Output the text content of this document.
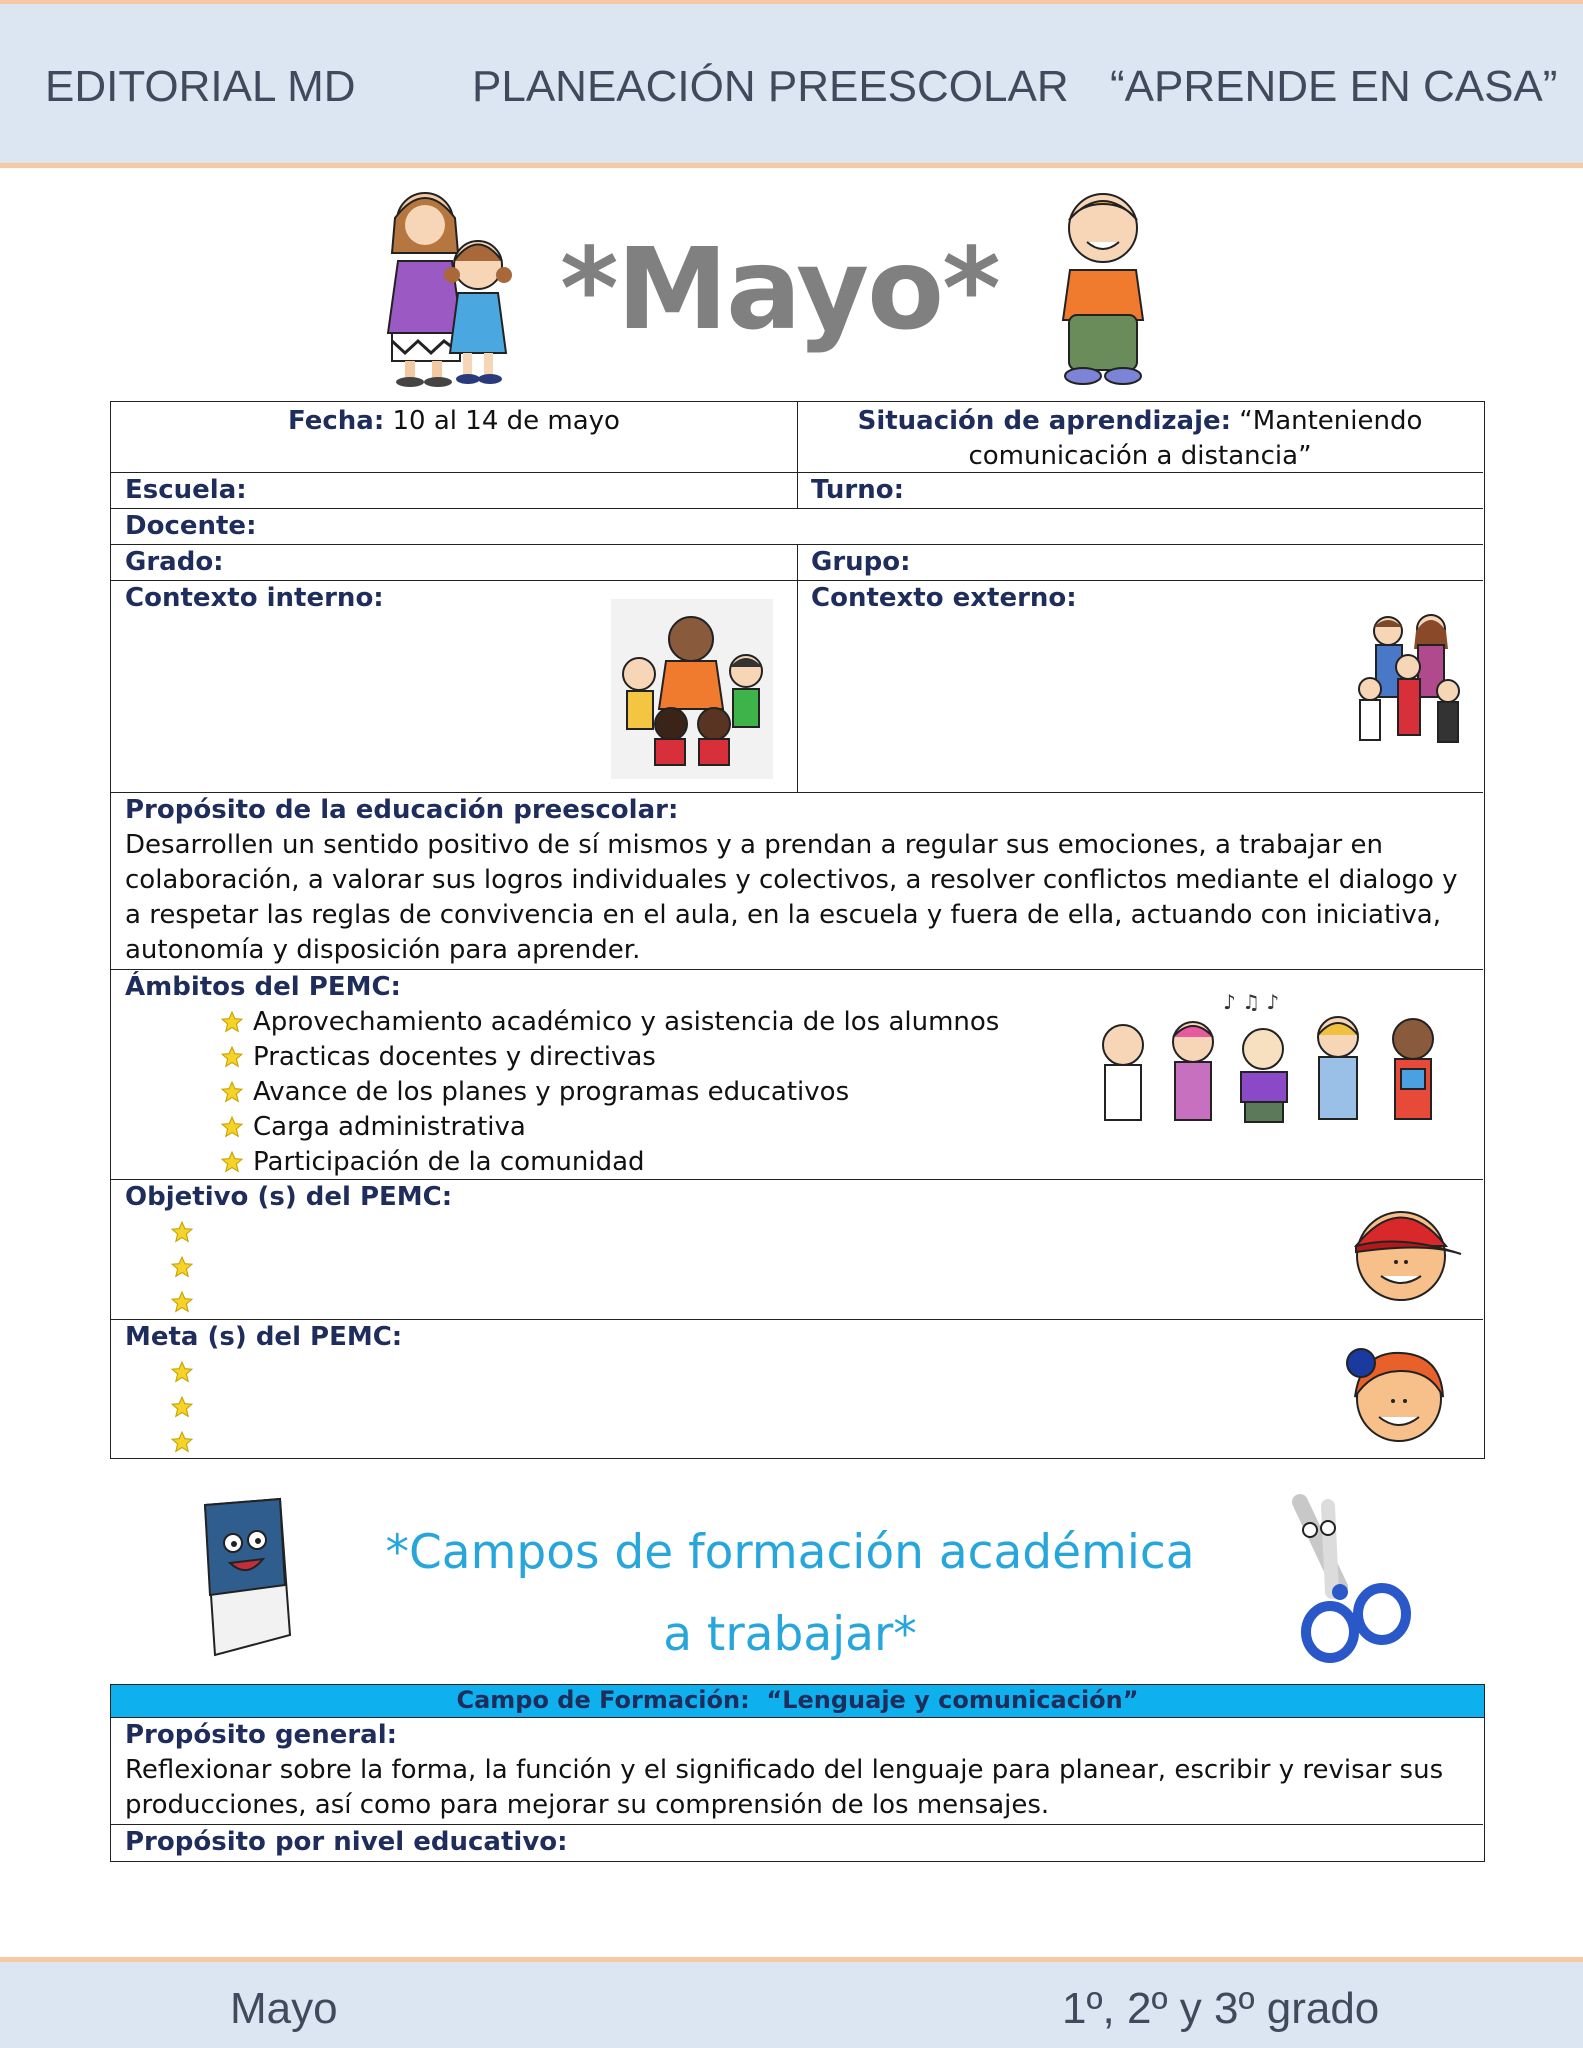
EDITORIAL MD	PLANEACIÓN PREESCOLAR “APRENDE EN CASA”
*Mayo*
Fecha: 10 al 14 de mayo	Situación de aprendizaje: “Manteniendo
comunicación a distancia”
Escuela:	Turno:
Docente:
Grado:	Grupo:
Contexto interno:	Contexto externo:
Propósito de la educación preescolar:
Desarrollen un sentido positivo de sí mismos y a prendan a regular sus emociones, a trabajar en colaboración, a valorar sus logros individuales y colectivos, a resolver conflictos mediante el dialogo y a respetar las reglas de convivencia en el aula, en la escuela y fuera de ella, actuando con iniciativa, autonomía y disposición para aprender.
Ámbitos del PEMC:
Aprovechamiento académico y asistencia de los alumnos
Practicas docentes y directivas
Avance de los planes y programas educativos
Carga administrativa
Participación de la comunidad
♪ ♫ ♪
Objetivo (s) del PEMC:
Meta (s) del PEMC:
*Campos de formación académica
a trabajar*
Campo de Formación: “Lenguaje y comunicación”
Propósito general:
Reflexionar sobre la forma, la función y el significado del lenguaje para planear, escribir y revisar sus producciones, así como para mejorar su comprensión de los mensajes.
Propósito por nivel educativo:
Mayo	1º, 2º y 3º grado
